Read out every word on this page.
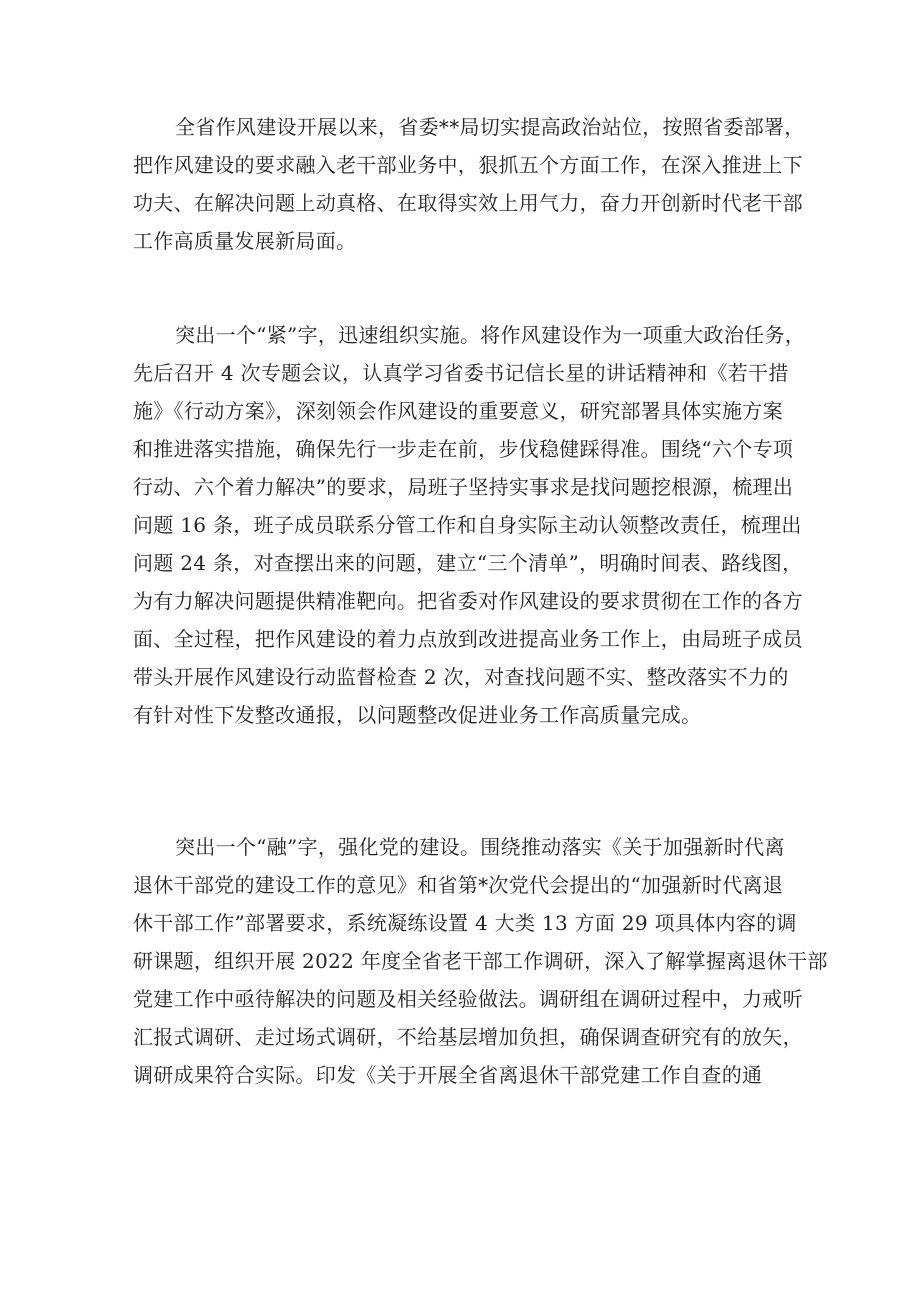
全省作风建设开展以来，省委**局切实提高政治站位，按照省委部署，
把作风建设的要求融入老干部业务中，狠抓五个方面工作，在深入推进上下
功夫、在解决问题上动真格、在取得实效上用气力，奋力开创新时代老干部
工作高质量发展新局面。

突出一个“紧”字，迅速组织实施。将作风建设作为一项重大政治任务，
先后召开 4 次专题会议，认真学习省委书记信长星的讲话精神和《若干措
施》《行动方案》，深刻领会作风建设的重要意义，研究部署具体实施方案
和推进落实措施，确保先行一步走在前，步伐稳健踩得准。围绕“六个专项
行动、六个着力解决”的要求，局班子坚持实事求是找问题挖根源，梳理出
问题 16 条，班子成员联系分管工作和自身实际主动认领整改责任，梳理出
问题 24 条，对查摆出来的问题，建立“三个清单”，明确时间表、路线图，
为有力解决问题提供精准靶向。把省委对作风建设的要求贯彻在工作的各方
面、全过程，把作风建设的着力点放到改进提高业务工作上，由局班子成员
带头开展作风建设行动监督检查 2 次，对查找问题不实、整改落实不力的
有针对性下发整改通报，以问题整改促进业务工作高质量完成。

突出一个“融”字，强化党的建设。围绕推动落实《关于加强新时代离
退休干部党的建设工作的意见》和省第*次党代会提出的“加强新时代离退
休干部工作”部署要求，系统凝练设置 4 大类 13 方面 29 项具体内容的调
研课题，组织开展 2022 年度全省老干部工作调研，深入了解掌握离退休干部
党建工作中亟待解决的问题及相关经验做法。调研组在调研过程中，力戒听
汇报式调研、走过场式调研，不给基层增加负担，确保调查研究有的放矢，
调研成果符合实际。印发《关于开展全省离退休干部党建工作自查的通
